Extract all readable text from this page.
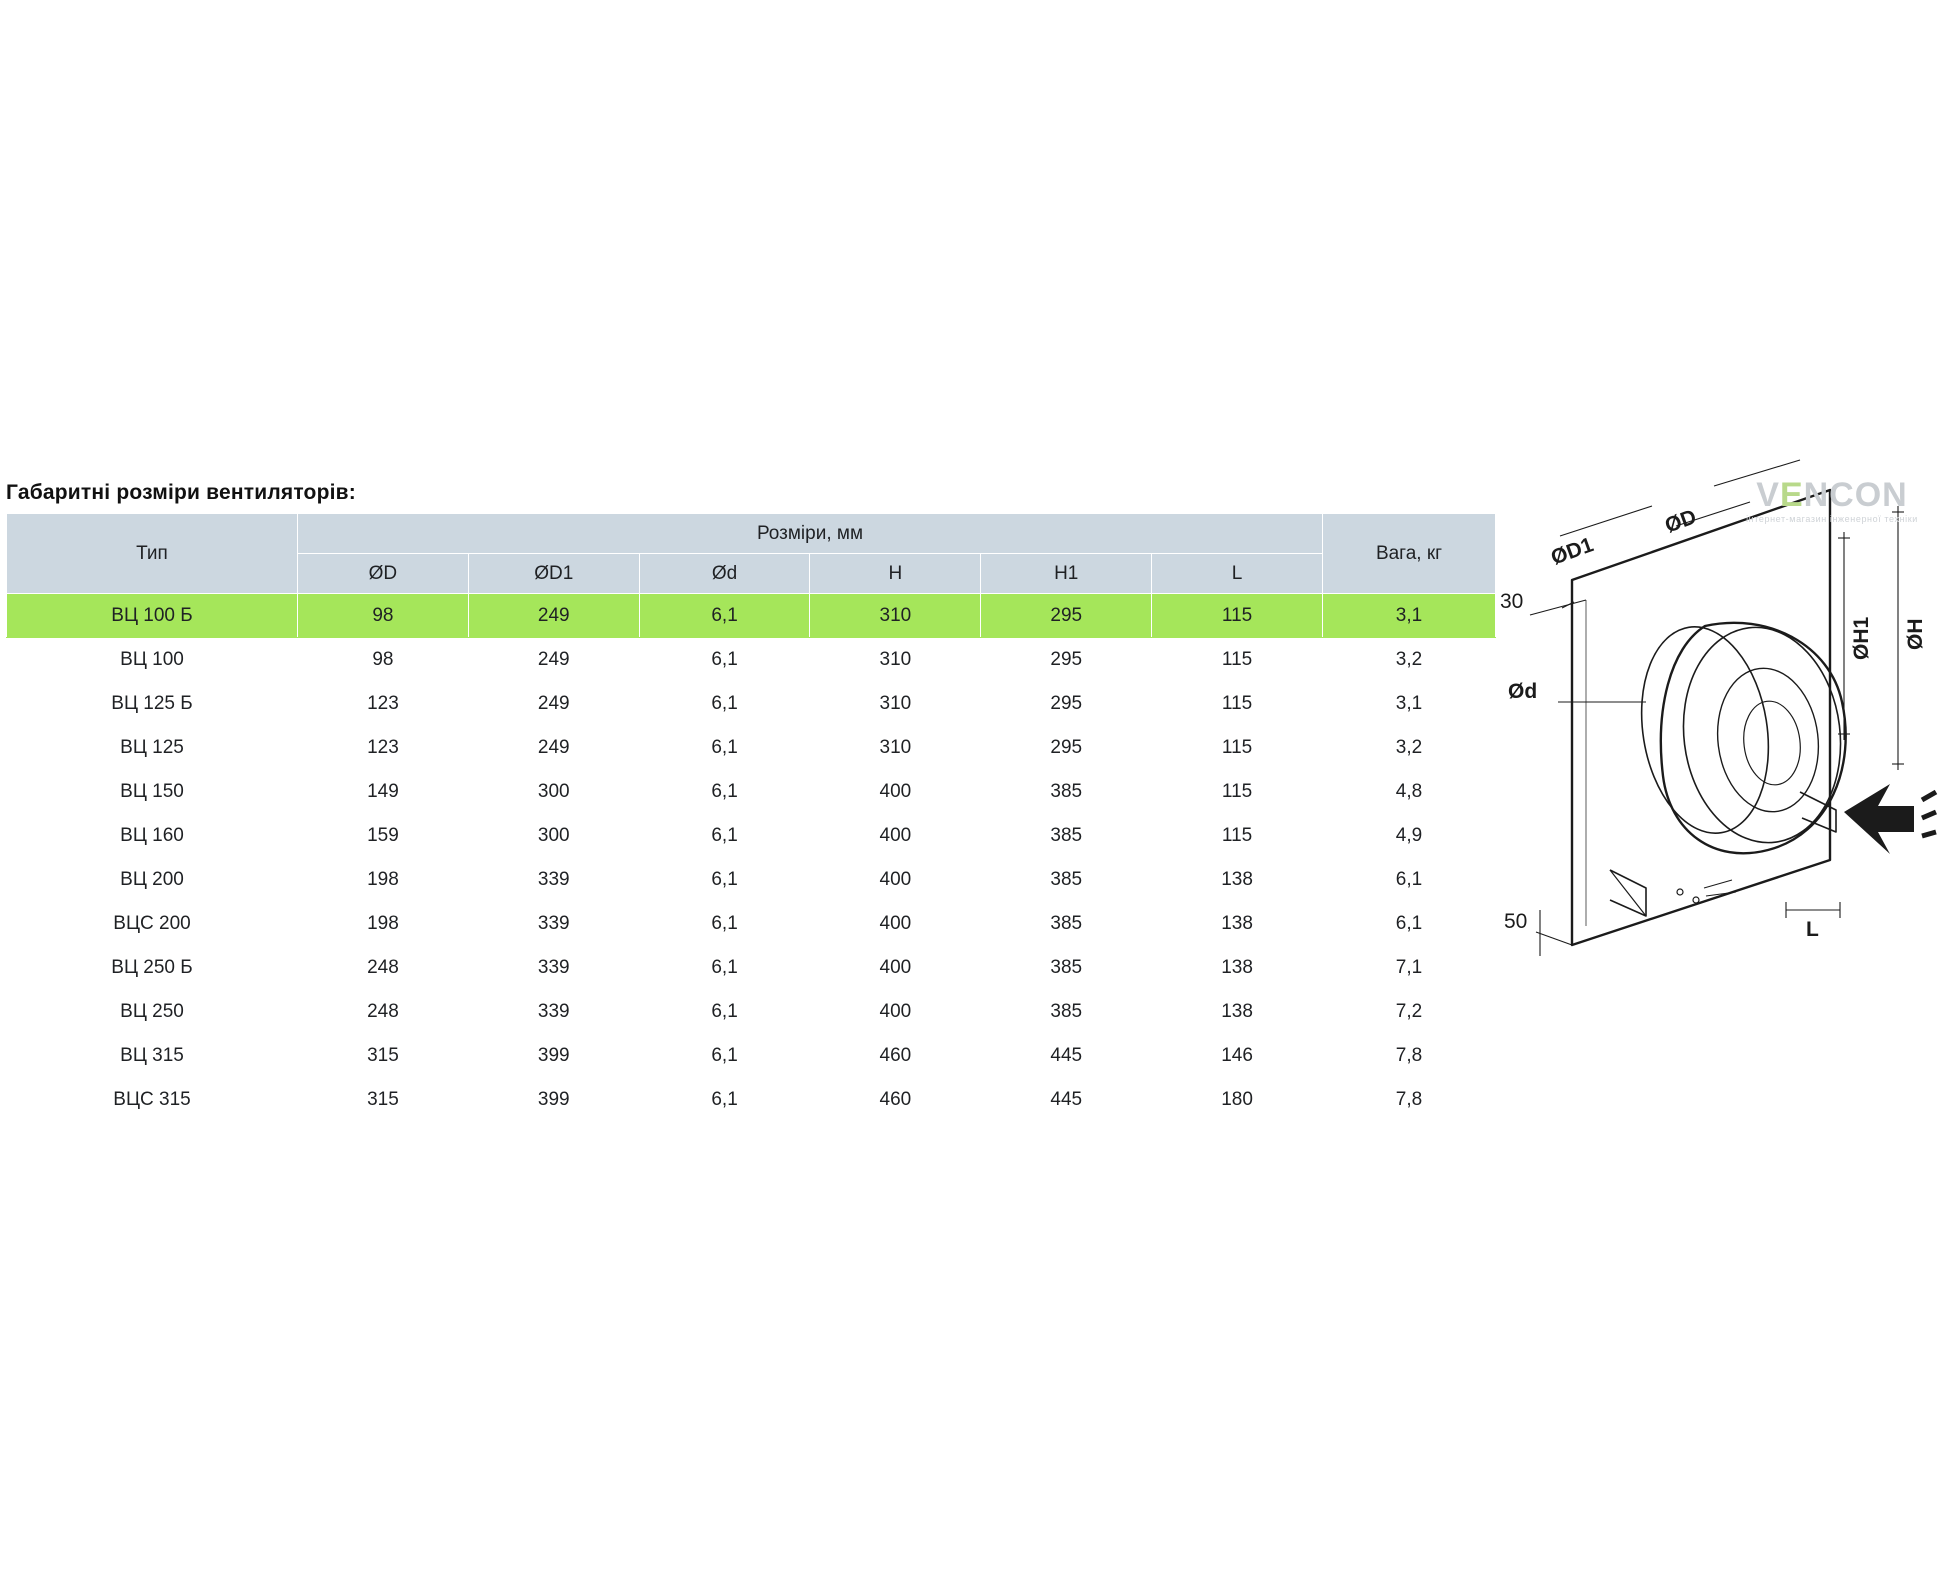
Габаритні розміри вентиляторів:
Тип	Розміри, мм						Вага, кг
	ØD	ØD1	Ød	H	H1	L	
ВЦ 100 Б	98	249	6,1	310	295	115	3,1
ВЦ 100	98	249	6,1	310	295	115	3,2
ВЦ 125 Б	123	249	6,1	310	295	115	3,1
ВЦ 125	123	249	6,1	310	295	115	3,2
ВЦ 150	149	300	6,1	400	385	115	4,8
ВЦ 160	159	300	6,1	400	385	115	4,9
ВЦ 200	198	339	6,1	400	385	138	6,1
ВЦС 200	198	339	6,1	400	385	138	6,1
ВЦ 250 Б	248	339	6,1	400	385	138	7,1
ВЦ 250	248	339	6,1	400	385	138	7,2
ВЦ 315	315	399	6,1	460	445	146	7,8
ВЦС 315	315	399	6,1	460	445	180	7,8
ØD1
ØD
ØH
ØH1
Ød
30
50	L
VENCON
інтернет-магазин інженерної техніки
